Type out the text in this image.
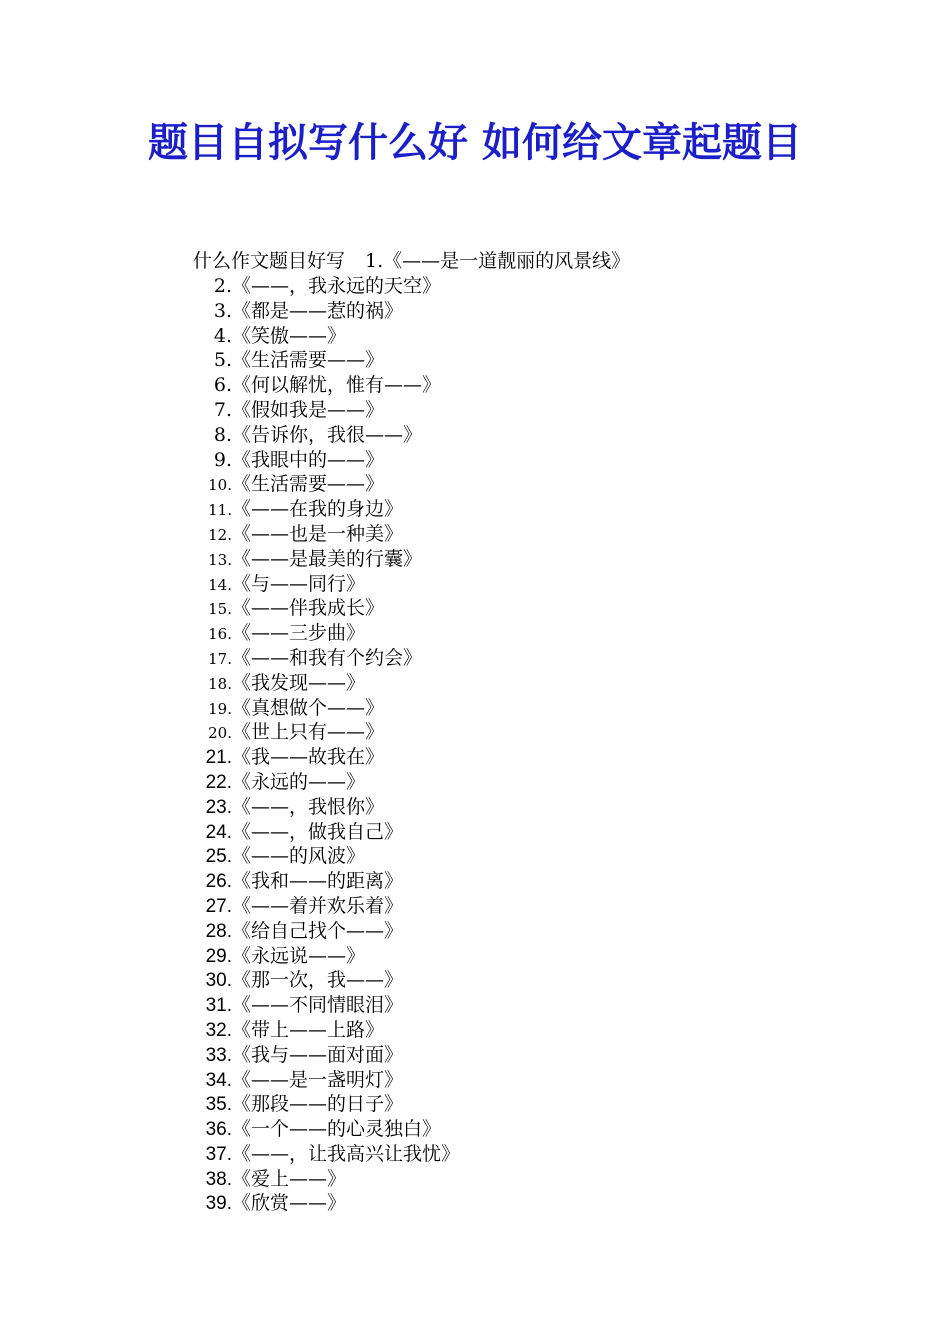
题目自拟写什么好 如何给文章起题目
什么作文题目好写 1.《——是一道靓丽的风景线》
2.《——，我永远的天空》
3.《都是——惹的祸》
4.《笑傲——》
5.《生活需要——》
6.《何以解忧，惟有——》
7.《假如我是——》
8.《告诉你，我很——》
9.《我眼中的——》
10.《生活需要——》
11.《——在我的身边》
12.《——也是一种美》
13.《——是最美的行囊》
14.《与——同行》
15.《——伴我成长》
16.《——三步曲》
17.《——和我有个约会》
18.《我发现——》
19.《真想做个——》
20.《世上只有——》
21.《我——故我在》
22.《永远的——》
23.《——，我恨你》
24.《——，做我自己》
25.《——的风波》
26.《我和——的距离》
27.《——着并欢乐着》
28.《给自己找个——》
29.《永远说——》
30.《那一次，我——》
31.《——不同情眼泪》
32.《带上——上路》
33.《我与——面对面》
34.《——是一盏明灯》
35.《那段——的日子》
36.《一个——的心灵独白》
37.《——，让我高兴让我忧》
38.《爱上——》
39.《欣赏——》
